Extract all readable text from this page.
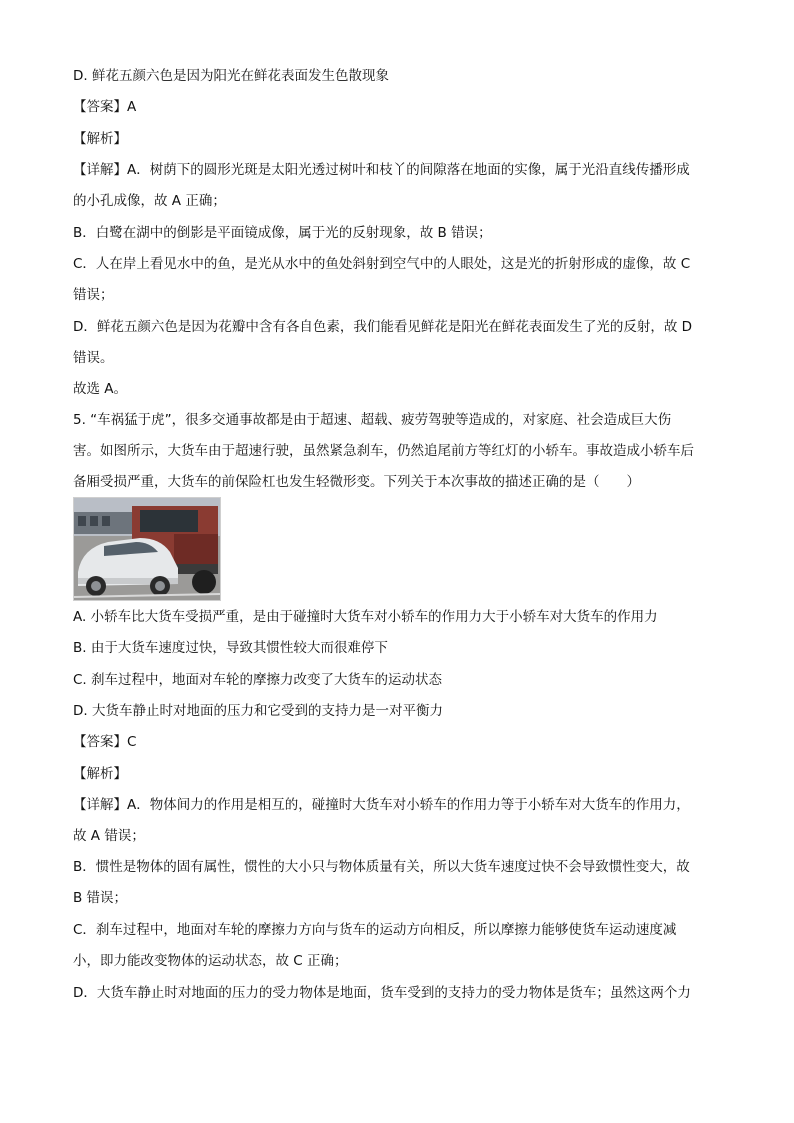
D. 鲜花五颜六色是因为阳光在鲜花表面发生色散现象
【答案】A
【解析】
【详解】A．树荫下的圆形光斑是太阳光透过树叶和枝丫的间隙落在地面的实像，属于光沿直线传播形成
的小孔成像，故 A 正确；
B．白鹭在湖中的倒影是平面镜成像，属于光的反射现象，故 B 错误；
C．人在岸上看见水中的鱼，是光从水中的鱼处斜射到空气中的人眼处，这是光的折射形成的虚像，故 C
错误；
D．鲜花五颜六色是因为花瓣中含有各自色素，我们能看见鲜花是阳光在鲜花表面发生了光的反射，故 D
错误。
故选 A。
5. “车祸猛于虎”，很多交通事故都是由于超速、超载、疲劳驾驶等造成的，对家庭、社会造成巨大伤
害。如图所示，大货车由于超速行驶，虽然紧急刹车，仍然追尾前方等红灯的小轿车。事故造成小轿车后
备厢受损严重，大货车的前保险杠也发生轻微形变。下列关于本次事故的描述正确的是（　　）
A. 小轿车比大货车受损严重，是由于碰撞时大货车对小轿车的作用力大于小轿车对大货车的作用力
B. 由于大货车速度过快，导致其惯性较大而很难停下
C. 刹车过程中，地面对车轮的摩擦力改变了大货车的运动状态
D. 大货车静止时对地面的压力和它受到的支持力是一对平衡力
【答案】C
【解析】
【详解】A．物体间力的作用是相互的，碰撞时大货车对小轿车的作用力等于小轿车对大货车的作用力，
故 A 错误；
B．惯性是物体的固有属性，惯性的大小只与物体质量有关，所以大货车速度过快不会导致惯性变大，故
B 错误；
C．刹车过程中，地面对车轮的摩擦力方向与货车的运动方向相反，所以摩擦力能够使货车运动速度减
小，即力能改变物体的运动状态，故 C 正确；
D．大货车静止时对地面的压力的受力物体是地面，货车受到的支持力的受力物体是货车；虽然这两个力
